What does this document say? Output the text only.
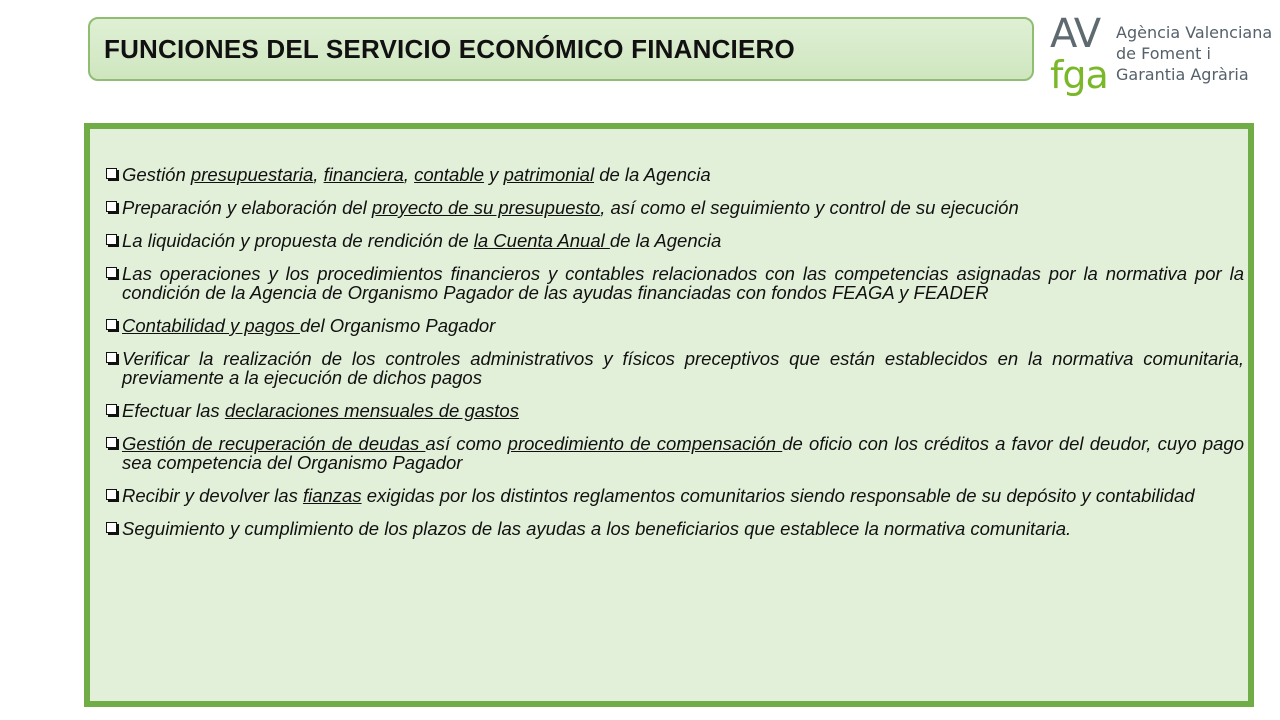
FUNCIONES DEL SERVICIO ECONÓMICO FINANCIERO	AV
fga
Agència Valenciana
de Foment i
Garantia Agrària
Gestión presupuestaria, financiera, contable y patrimonial de la Agencia
Preparación y elaboración del proyecto de su presupuesto, así como el seguimiento y control de su ejecución
La liquidación y propuesta de rendición de la Cuenta Anual de la Agencia
Las operaciones y los procedimientos financieros y contables relacionados con las competencias asignadas por la normativa por la condición de la Agencia de Organismo Pagador de las ayudas financiadas con fondos FEAGA y FEADER
Contabilidad y pagos del Organismo Pagador
Verificar la realización de los controles administrativos y físicos preceptivos que están establecidos en la normativa comunitaria, previamente a la ejecución de dichos pagos
Efectuar las declaraciones mensuales de gastos
Gestión de recuperación de deudas así como procedimiento de compensación de oficio con los créditos a favor del deudor, cuyo pago sea competencia del Organismo Pagador
Recibir y devolver las fianzas exigidas por los distintos reglamentos comunitarios siendo responsable de su depósito y contabilidad
Seguimiento y cumplimiento de los plazos de las ayudas a los beneficiarios que establece la normativa comunitaria.
